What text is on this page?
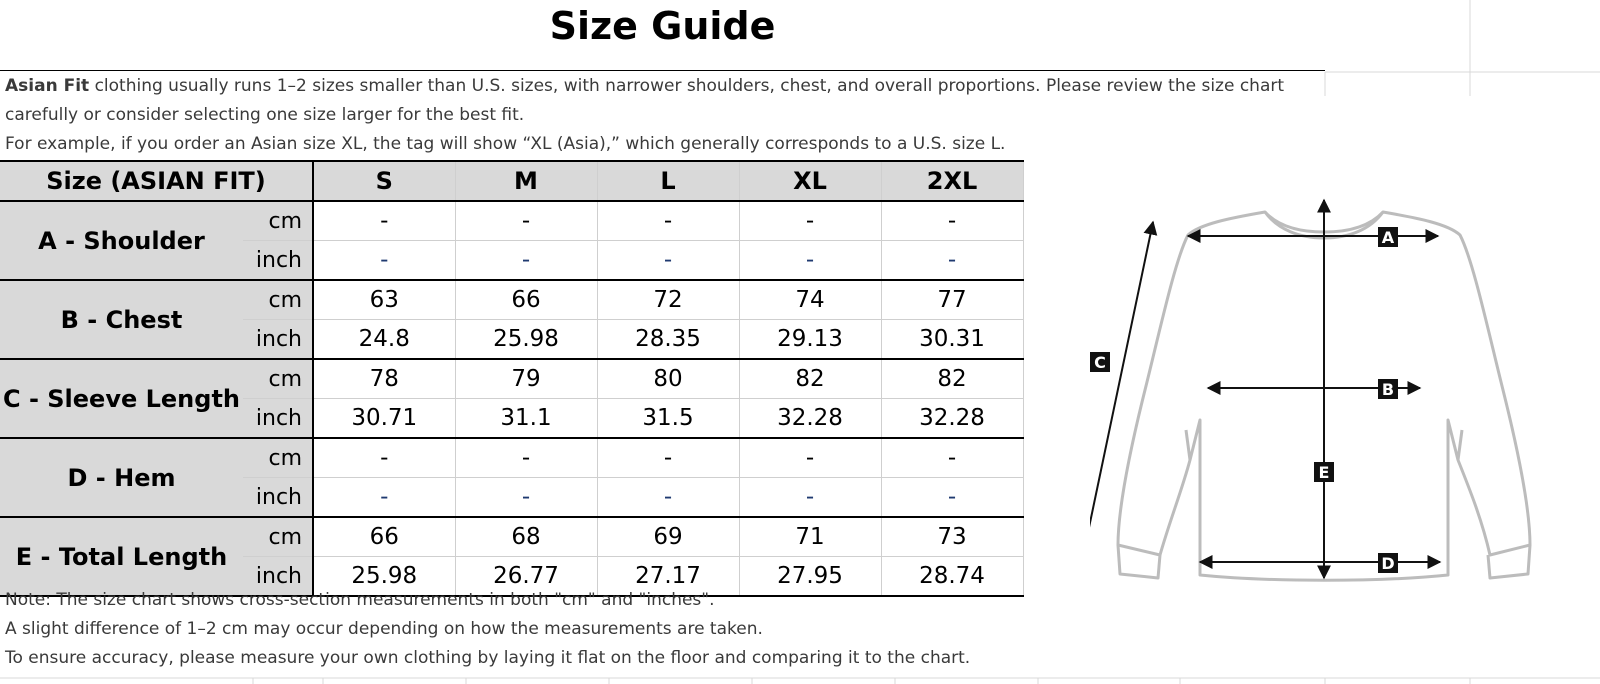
Size Guide

Asian Fit clothing usually runs 1–2 sizes smaller than U.S. sizes, with narrower shoulders, chest, and overall proportions. Please review the size chart carefully or consider selecting one size larger for the best fit.

For example, if you order an Asian size XL, the tag will show “XL (Asia),” which generally corresponds to a U.S. size L.

Size (ASIAN FIT)		S	M	L	XL	2XL
A - Shoulder	cm	-	-	-	-	-
	inch	-	-	-	-	-
B - Chest	cm	63	66	72	74	77
	inch	24.8	25.98	28.35	29.13	30.31
C - Sleeve Length	cm	78	79	80	82	82
	inch	30.71	31.1	31.5	32.28	32.28
D - Hem	cm	-	-	-	-	-
	inch	-	-	-	-	-
E - Total Length	cm	66	68	69	71	73
	inch	25.98	26.77	27.17	27.95	28.74

Note: The size chart shows cross-section measurements in both "cm" and "inches".

A slight difference of 1–2 cm may occur depending on how the measurements are taken.

To ensure accuracy, please measure your own clothing by laying it flat on the floor and comparing it to the chart.

A
B
C
D
E
